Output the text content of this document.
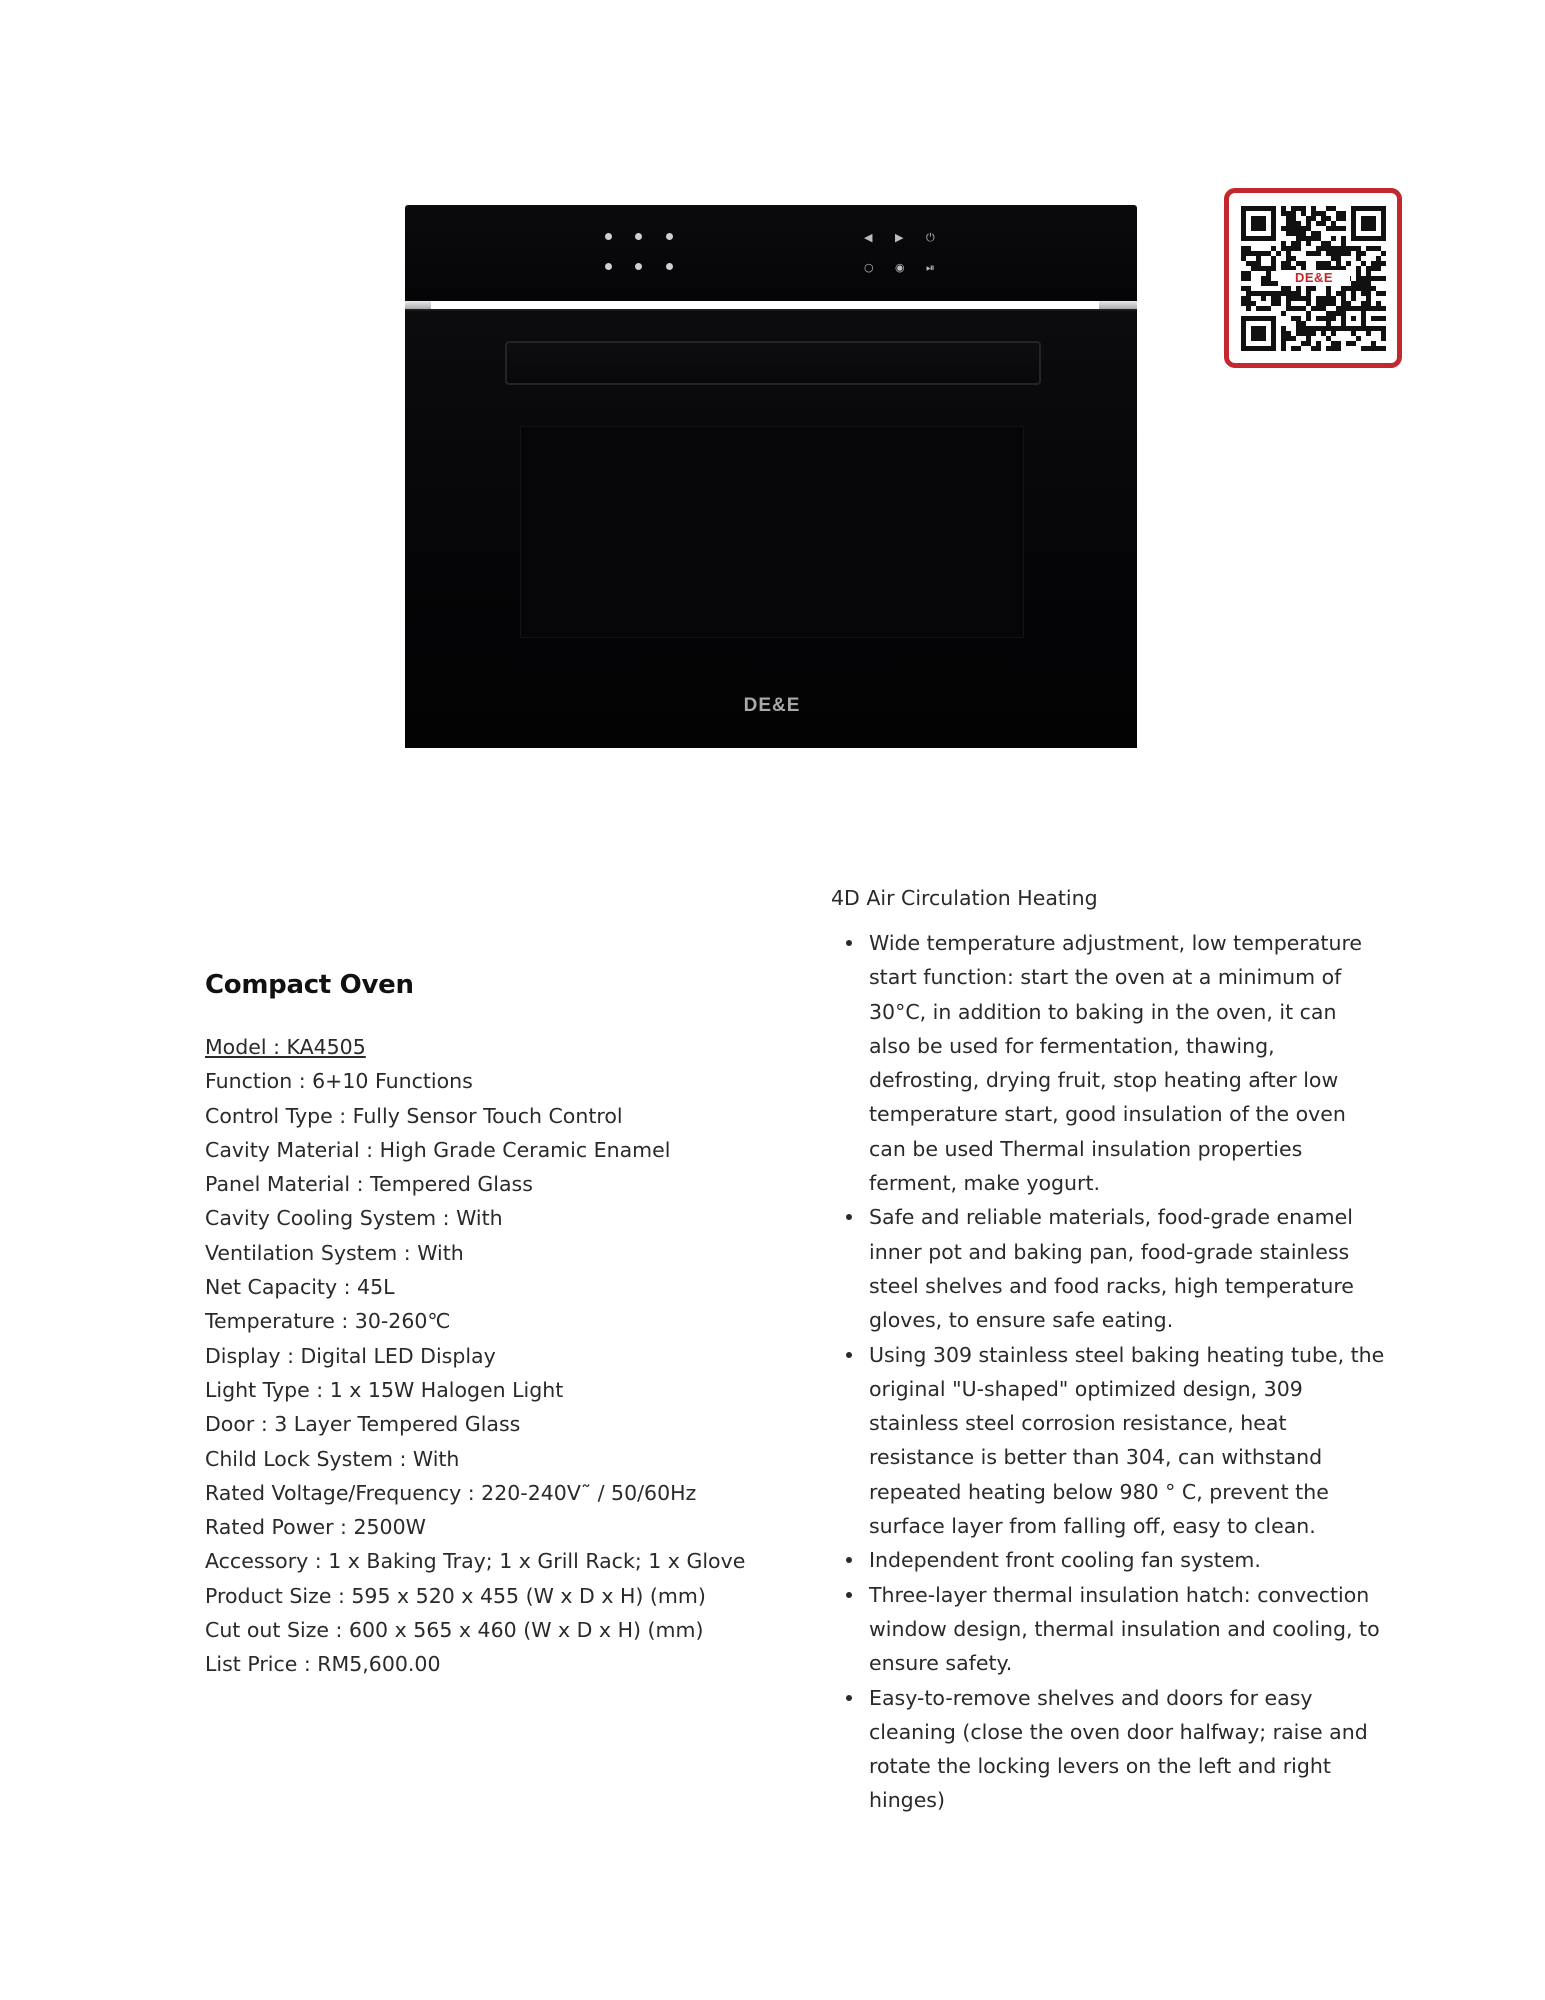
◀ ▶ ⏻
○ ◉ ⏯
DE&E
DE&E
Compact Oven
Model : KA4505
Function : 6+10 Functions
Control Type : Fully Sensor Touch Control
Cavity Material : High Grade Ceramic Enamel
Panel Material : Tempered Glass
Cavity Cooling System : With
Ventilation System : With
Net Capacity : 45L
Temperature : 30-260℃
Display : Digital LED Display
Light Type : 1 x 15W Halogen Light
Door : 3 Layer Tempered Glass
Child Lock System : With
Rated Voltage/Frequency : 220-240V˜ / 50/60Hz
Rated Power : 2500W
Accessory : 1 x Baking Tray; 1 x Grill Rack; 1 x Glove
Product Size : 595 x 520 x 455 (W x D x H) (mm)
Cut out Size : 600 x 565 x 460 (W x D x H) (mm)
List Price : RM5,600.00
4D Air Circulation Heating
Wide temperature adjustment, low temperature
start function: start the oven at a minimum of
30°C, in addition to baking in the oven, it can
also be used for fermentation, thawing,
defrosting, drying fruit, stop heating after low
temperature start, good insulation of the oven
can be used Thermal insulation properties
ferment, make yogurt.
Safe and reliable materials, food-grade enamel
inner pot and baking pan, food-grade stainless
steel shelves and food racks, high temperature
gloves, to ensure safe eating.
Using 309 stainless steel baking heating tube, the
original "U-shaped" optimized design, 309
stainless steel corrosion resistance, heat
resistance is better than 304, can withstand
repeated heating below 980 ° C, prevent the
surface layer from falling off, easy to clean.
Independent front cooling fan system.
Three-layer thermal insulation hatch: convection
window design, thermal insulation and cooling, to
ensure safety.
Easy-to-remove shelves and doors for easy
cleaning (close the oven door halfway; raise and
rotate the locking levers on the left and right
hinges)
